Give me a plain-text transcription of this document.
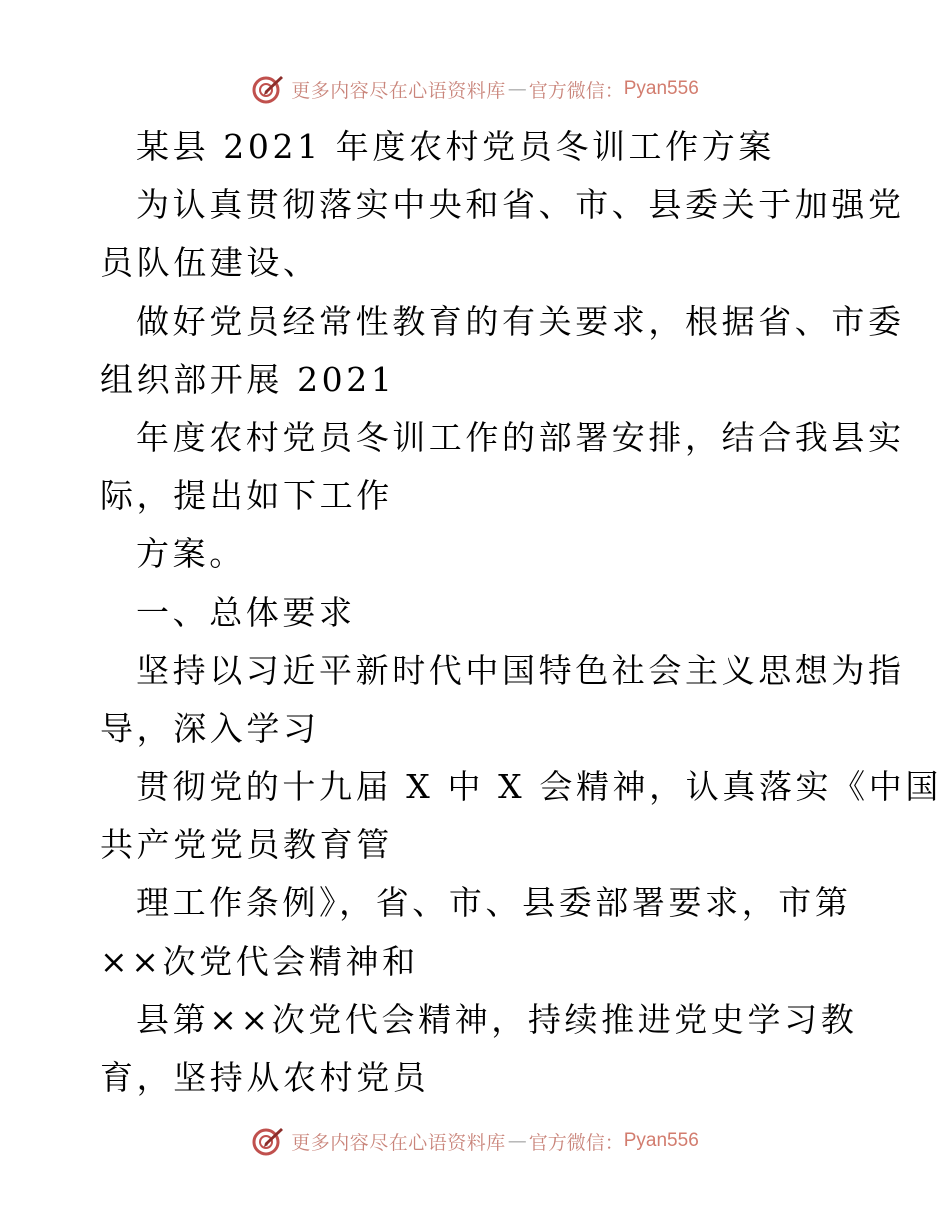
更多内容尽在心语资料库 — 官方微信： Pyan556
某县 2021 年度农村党员冬训工作方案
为认真贯彻落实中央和省、市、县委关于加强党
员队伍建设、
做好党员经常性教育的有关要求，根据省、市委
组织部开展 2021
年度农村党员冬训工作的部署安排，结合我县实
际，提出如下工作
方案。
一、总体要求
坚持以习近平新时代中国特色社会主义思想为指
导，深入学习
贯彻党的十九届 X 中 X 会精神，认真落实《中国
共产党党员教育管
理工作条例》，省、市、县委部署要求，市第
××次党代会精神和
县第××次党代会精神，持续推进党史学习教
育，坚持从农村党员
更多内容尽在心语资料库 — 官方微信： Pyan556
